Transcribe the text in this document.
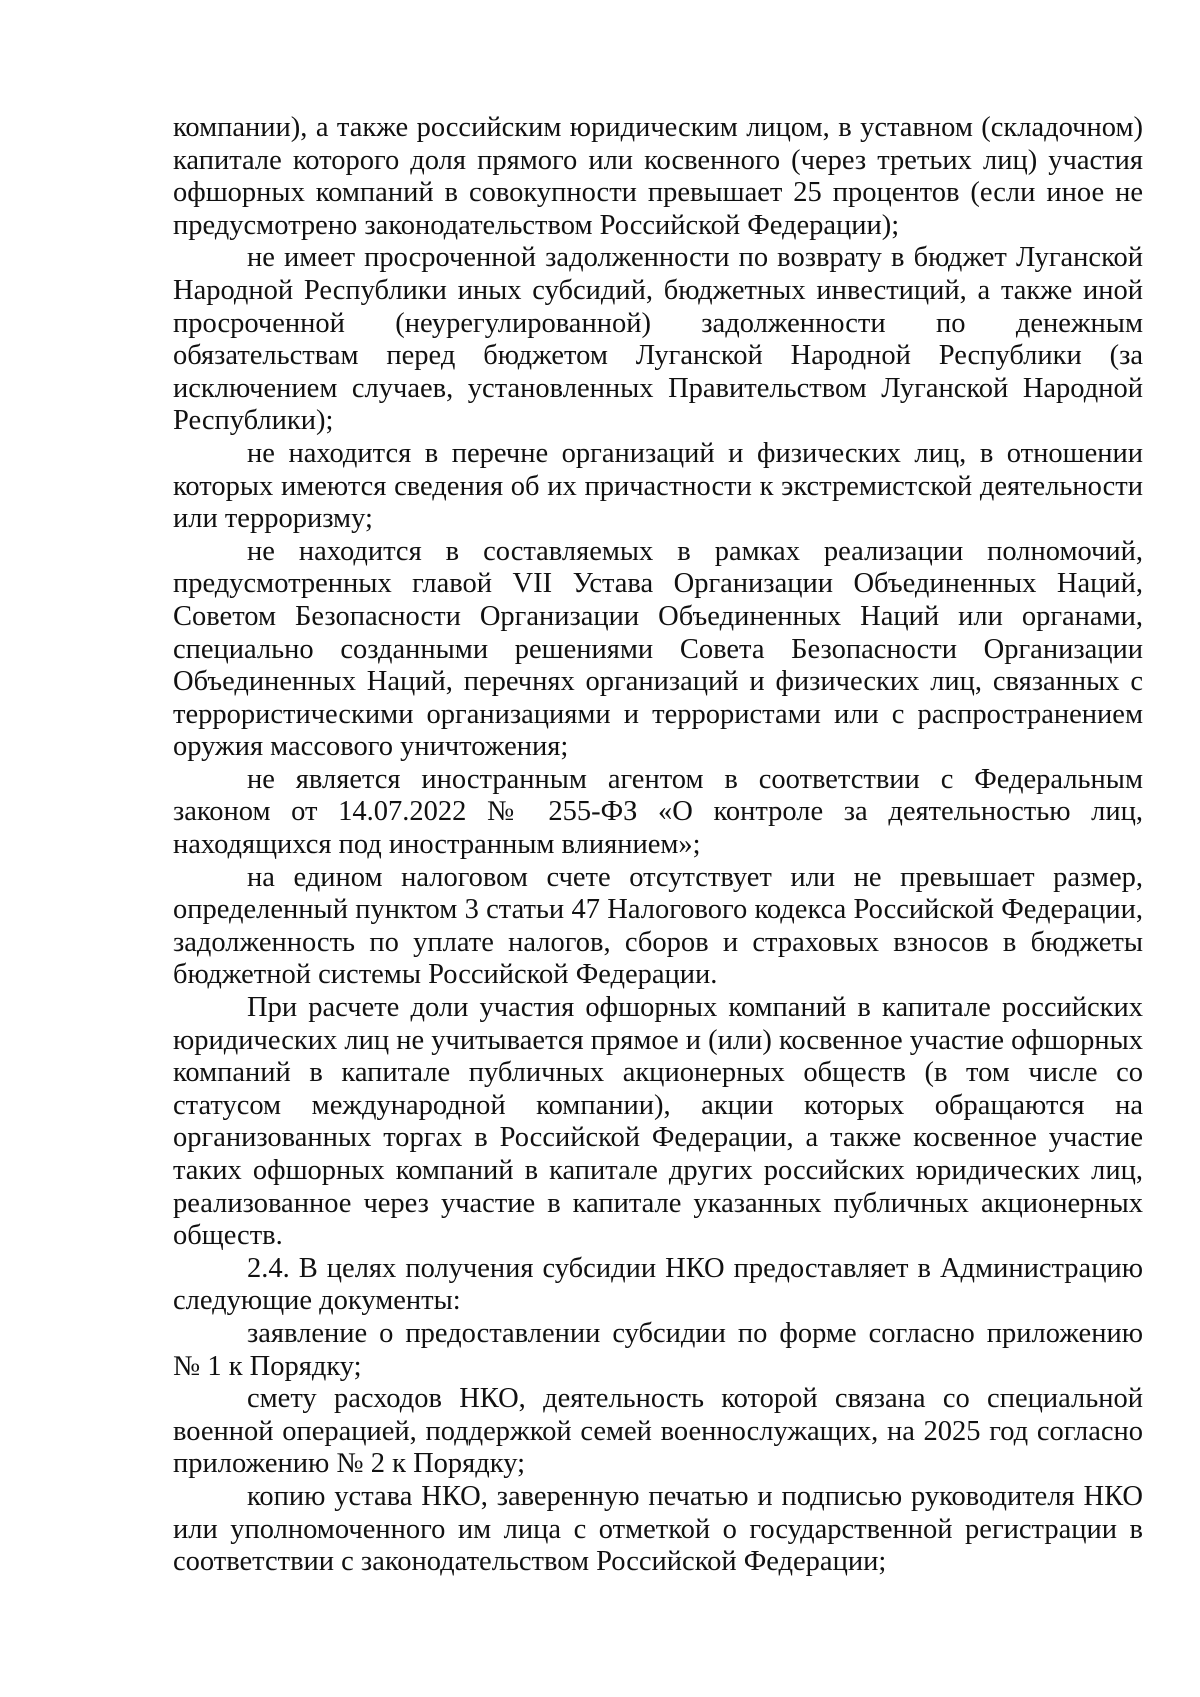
компании), а также российским юридическим лицом, в уставном (складочном) капитале которого доля прямого или косвенного (через третьих лиц) участия офшорных компаний в совокупности превышает 25 процентов (если иное не предусмотрено законодательством Российской Федерации);

не имеет просроченной задолженности по возврату в бюджет Луганской Народной Республики иных субсидий, бюджетных инвестиций, а также иной просроченной (неурегулированной) задолженности по денежным обязательствам перед бюджетом Луганской Народной Республики (за исключением случаев, установленных Правительством Луганской Народной Республики);

не находится в перечне организаций и физических лиц, в отношении которых имеются сведения об их причастности к экстремистской деятельности или терроризму;

не находится в составляемых в рамках реализации полномочий, предусмотренных главой VII Устава Организации Объединенных Наций, Советом Безопасности Организации Объединенных Наций или органами, специально созданными решениями Совета Безопасности Организации Объединенных Наций, перечнях организаций и физических лиц, связанных с террористическими организациями и террористами или с распространением оружия массового уничтожения;

не является иностранным агентом в соответствии с Федеральным законом от 14.07.2022 № 255-ФЗ «О контроле за деятельностью лиц, находящихся под иностранным влиянием»;

на едином налоговом счете отсутствует или не превышает размер, определенный пунктом 3 статьи 47 Налогового кодекса Российской Федерации, задолженность по уплате налогов, сборов и страховых взносов в бюджеты бюджетной системы Российской Федерации.

При расчете доли участия офшорных компаний в капитале российских юридических лиц не учитывается прямое и (или) косвенное участие офшорных компаний в капитале публичных акционерных обществ (в том числе со статусом международной компании), акции которых обращаются на организованных торгах в Российской Федерации, а также косвенное участие таких офшорных компаний в капитале других российских юридических лиц, реализованное через участие в капитале указанных публичных акционерных обществ.

2.4. В целях получения субсидии НКО предоставляет в Администрацию следующие документы:

заявление о предоставлении субсидии по форме согласно приложению № 1 к Порядку;

смету расходов НКО, деятельность которой связана со специальной военной операцией, поддержкой семей военнослужащих, на 2025 год согласно приложению № 2 к Порядку;

копию устава НКО, заверенную печатью и подписью руководителя НКО или уполномоченного им лица с отметкой о государственной регистрации в соответствии с законодательством Российской Федерации;
